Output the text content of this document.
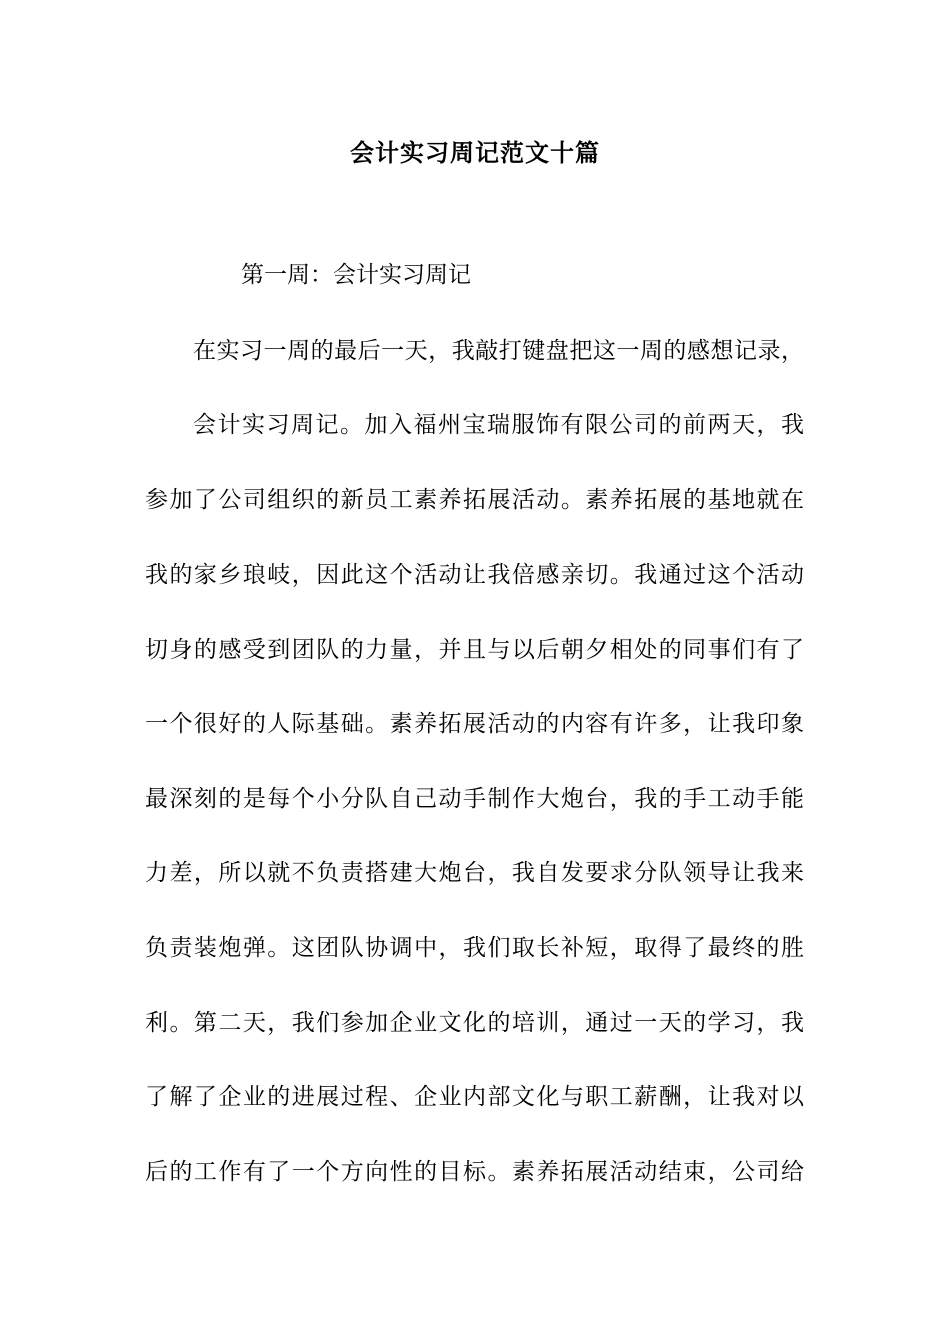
会计实习周记范文十篇
第一周：会计实习周记
在实习一周的最后一天，我敲打键盘把这一周的感想记录，
会计实习周记。加入福州宝瑞服饰有限公司的前两天，我
参加了公司组织的新员工素养拓展活动。素养拓展的基地就在
我的家乡琅岐，因此这个活动让我倍感亲切。我通过这个活动
切身的感受到团队的力量，并且与以后朝夕相处的同事们有了
一个很好的人际基础。素养拓展活动的内容有许多，让我印象
最深刻的是每个小分队自己动手制作大炮台，我的手工动手能
力差，所以就不负责搭建大炮台，我自发要求分队领导让我来
负责装炮弹。这团队协调中，我们取长补短，取得了最终的胜
利。第二天，我们参加企业文化的培训，通过一天的学习，我
了解了企业的进展过程、企业内部文化与职工薪酬，让我对以
后的工作有了一个方向性的目标。素养拓展活动结束，公司给
